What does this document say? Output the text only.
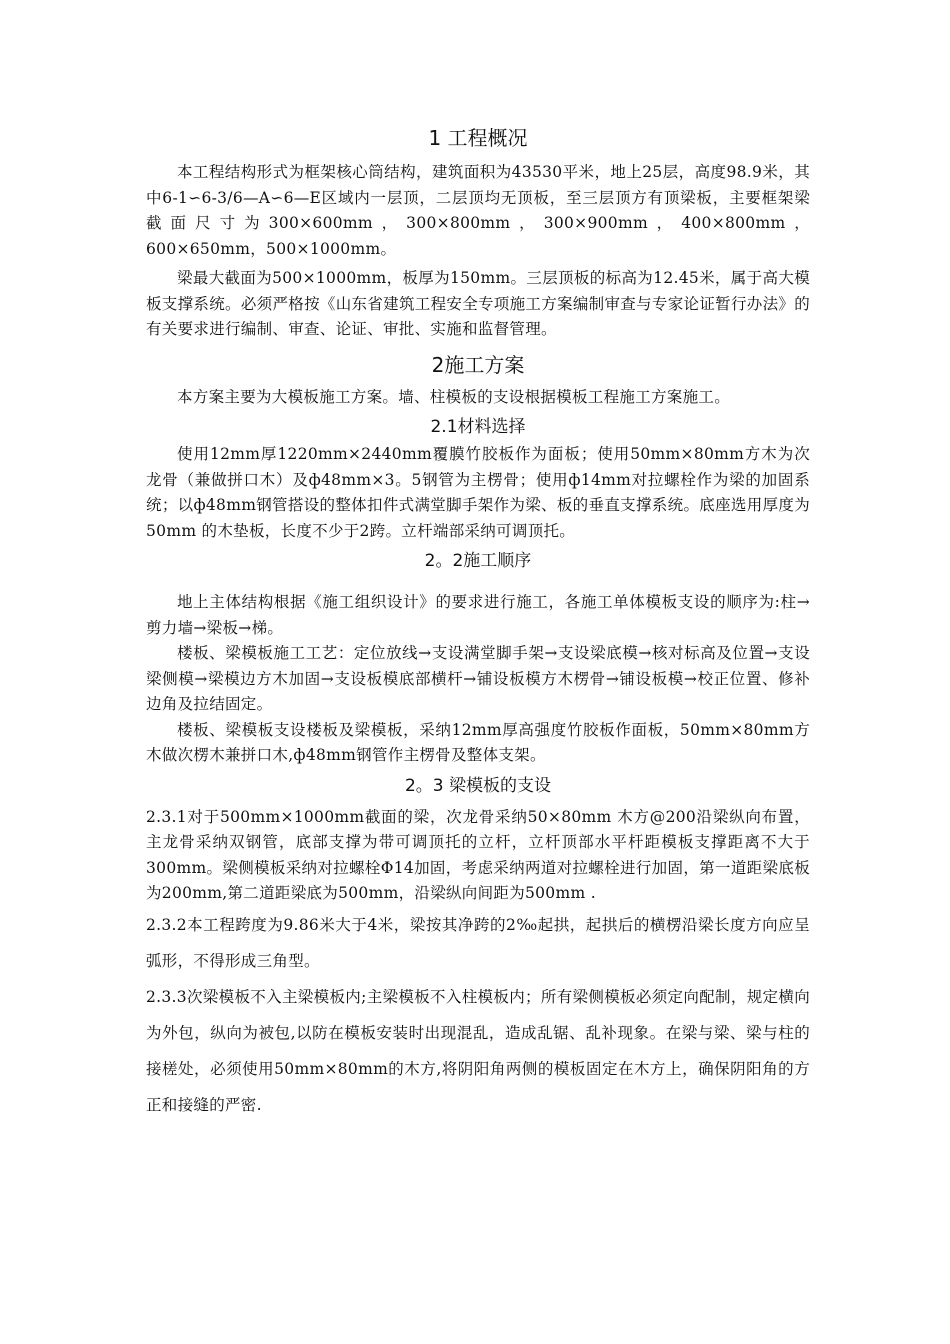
1 工程概况

本工程结构形式为框架核心筒结构，建筑面积为43530平米，地上25层，高度98.9米，其中6-1∽6-3/6—A∽6—E区域内一层顶，二层顶均无顶板，至三层顶方有顶梁板，主要框架梁截面尺寸为300×600mm，300×800mm，300×900mm，400×800mm，600×650mm，500×1000mm。

梁最大截面为500×1000mm，板厚为150mm。三层顶板的标高为12.45米，属于高大模板支撑系统。必须严格按《山东省建筑工程安全专项施工方案编制审查与专家论证暂行办法》的有关要求进行编制、审查、论证、审批、实施和监督管理。

2施工方案

本方案主要为大模板施工方案。墙、柱模板的支设根据模板工程施工方案施工。

2.1材料选择

使用12mm厚1220mm×2440mm覆膜竹胶板作为面板；使用50mm×80mm方木为次龙骨（兼做拼口木）及ф48mm×3。5钢管为主楞骨；使用ф14mm对拉螺栓作为梁的加固系统；以ф48mm钢管搭设的整体扣件式满堂脚手架作为梁、板的垂直支撑系统。底座选用厚度为50mm 的木垫板，长度不少于2跨。立杆端部采纳可调顶托。

2。2施工顺序

地上主体结构根据《施工组织设计》的要求进行施工，各施工单体模板支设的顺序为:柱→剪力墙→梁板→梯。

楼板、梁模板施工工艺：定位放线→支设满堂脚手架→支设梁底模→核对标高及位置→支设梁侧模→梁模边方木加固→支设板模底部横杆→铺设板模方木楞骨→铺设板模→校正位置、修补边角及拉结固定。

楼板、梁模板支设楼板及梁模板，采纳12mm厚高强度竹胶板作面板，50mm×80mm方木做次楞木兼拼口木,ф48mm钢管作主楞骨及整体支架。

2。3 梁模板的支设

2.3.1对于500mm×1000mm截面的梁，次龙骨采纳50×80mm 木方@200沿梁纵向布置，主龙骨采纳双钢管，底部支撑为带可调顶托的立杆，立杆顶部水平杆距模板支撑距离不大于300mm。梁侧模板采纳对拉螺栓Φ14加固，考虑采纳两道对拉螺栓进行加固，第一道距梁底板为200mm,第二道距梁底为500mm，沿梁纵向间距为500mm .

2.3.2本工程跨度为9.86米大于4米，梁按其净跨的2‰起拱，起拱后的横楞沿梁长度方向应呈弧形，不得形成三角型。

2.3.3次梁模板不入主梁模板内;主梁模板不入柱模板内；所有梁侧模板必须定向配制，规定横向为外包，纵向为被包,以防在模板安装时出现混乱，造成乱锯、乱补现象。在梁与梁、梁与柱的接槎处，必须使用50mm×80mm的木方,将阴阳角两侧的模板固定在木方上，确保阴阳角的方正和接缝的严密.
